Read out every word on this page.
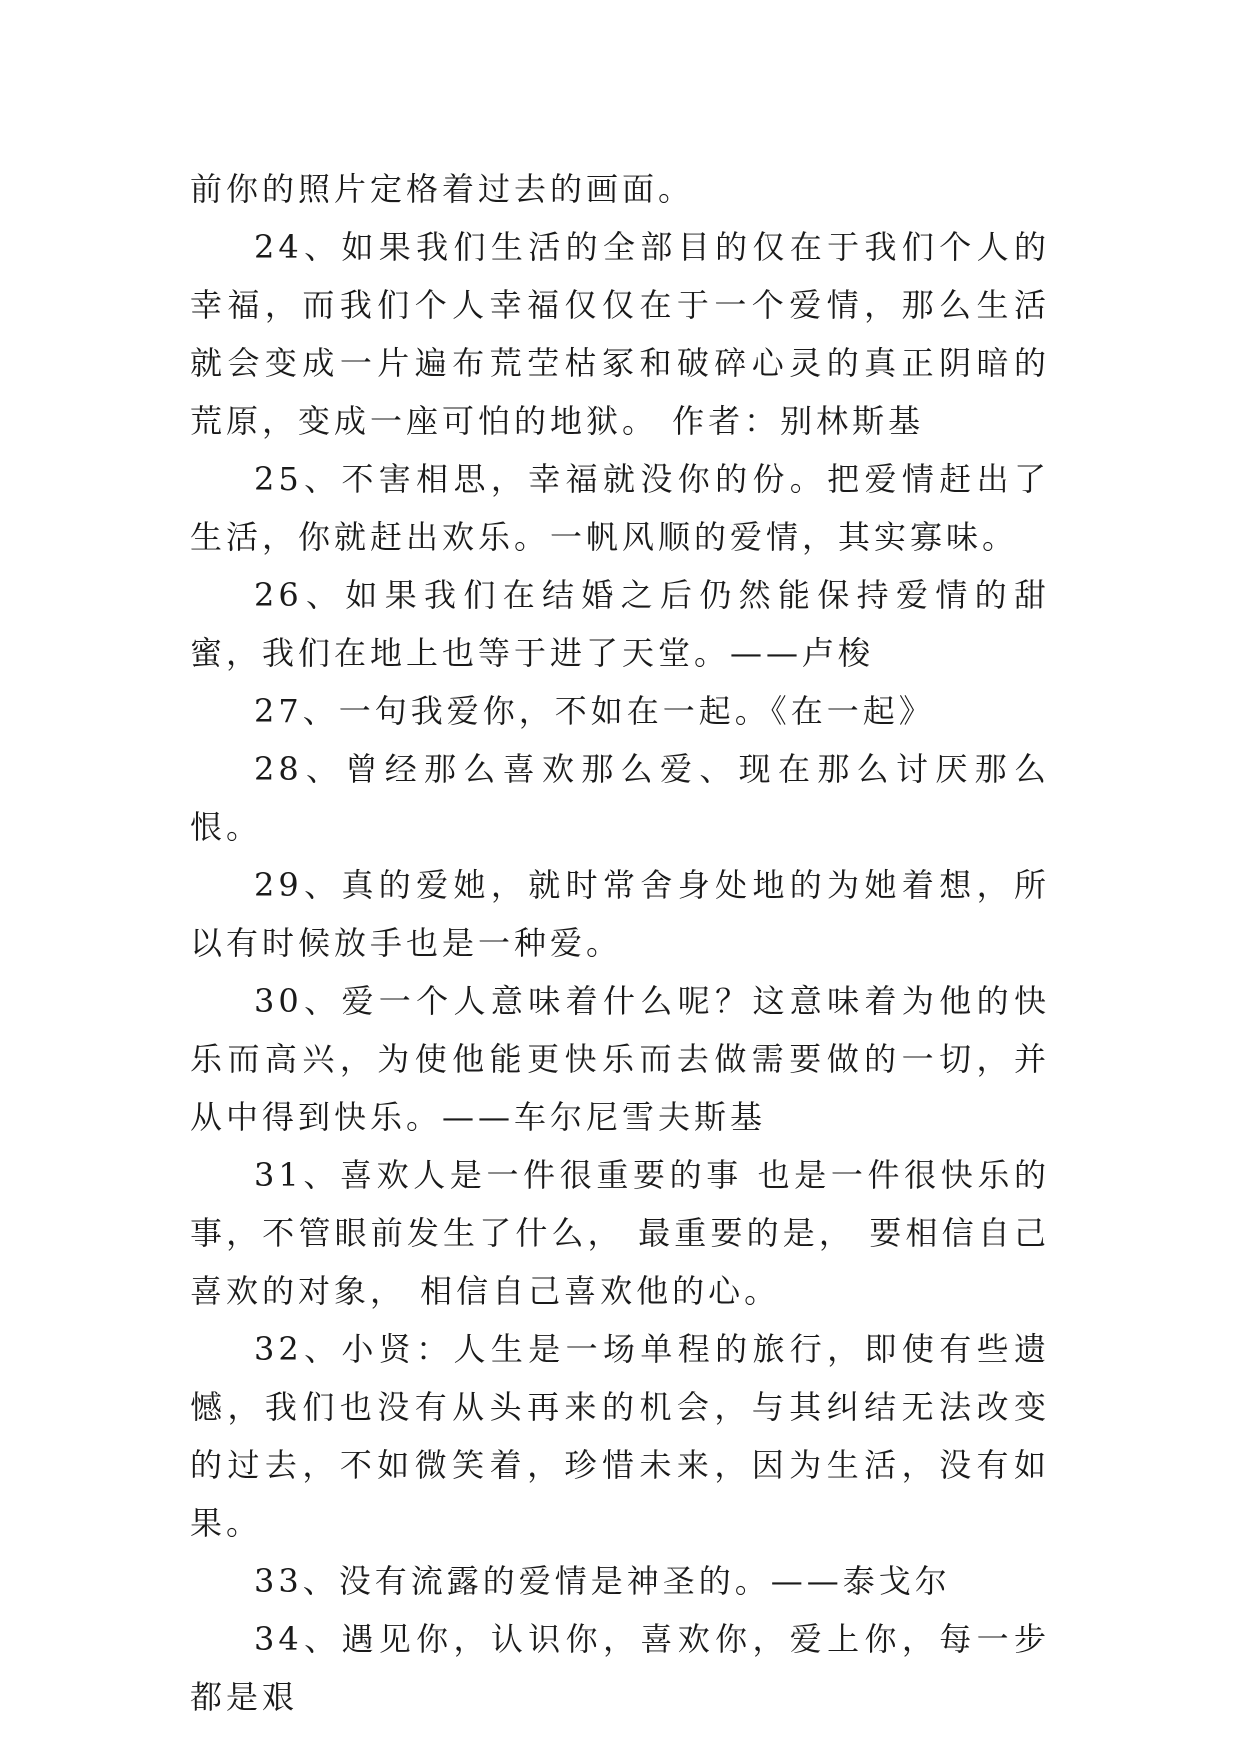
前你的照片定格着过去的画面。

24、如果我们生活的全部目的仅在于我们个人的幸福，而我们个人幸福仅仅在于一个爱情，那么生活就会变成一片遍布荒茔枯冢和破碎心灵的真正阴暗的荒原，变成一座可怕的地狱。 作者：别林斯基

25、不害相思，幸福就没你的份。把爱情赶出了生活，你就赶出欢乐。一帆风顺的爱情，其实寡味。

26、如果我们在结婚之后仍然能保持爱情的甜蜜，我们在地上也等于进了天堂。——卢梭

27、一句我爱你，不如在一起。《在一起》

28、曾经那么喜欢那么爱、现在那么讨厌那么恨。

29、真的爱她，就时常舍身处地的为她着想，所以有时候放手也是一种爱。

30、爱一个人意味着什么呢？这意味着为他的快乐而高兴，为使他能更快乐而去做需要做的一切，并从中得到快乐。——车尔尼雪夫斯基

31、喜欢人是一件很重要的事 也是一件很快乐的事，不管眼前发生了什么， 最重要的是， 要相信自己喜欢的对象， 相信自己喜欢他的心。

32、小贤：人生是一场单程的旅行，即使有些遗憾，我们也没有从头再来的机会，与其纠结无法改变的过去，不如微笑着，珍惜未来，因为生活，没有如果。

33、没有流露的爱情是神圣的。——泰戈尔

34、遇见你，认识你，喜欢你，爱上你，每一步都是艰
